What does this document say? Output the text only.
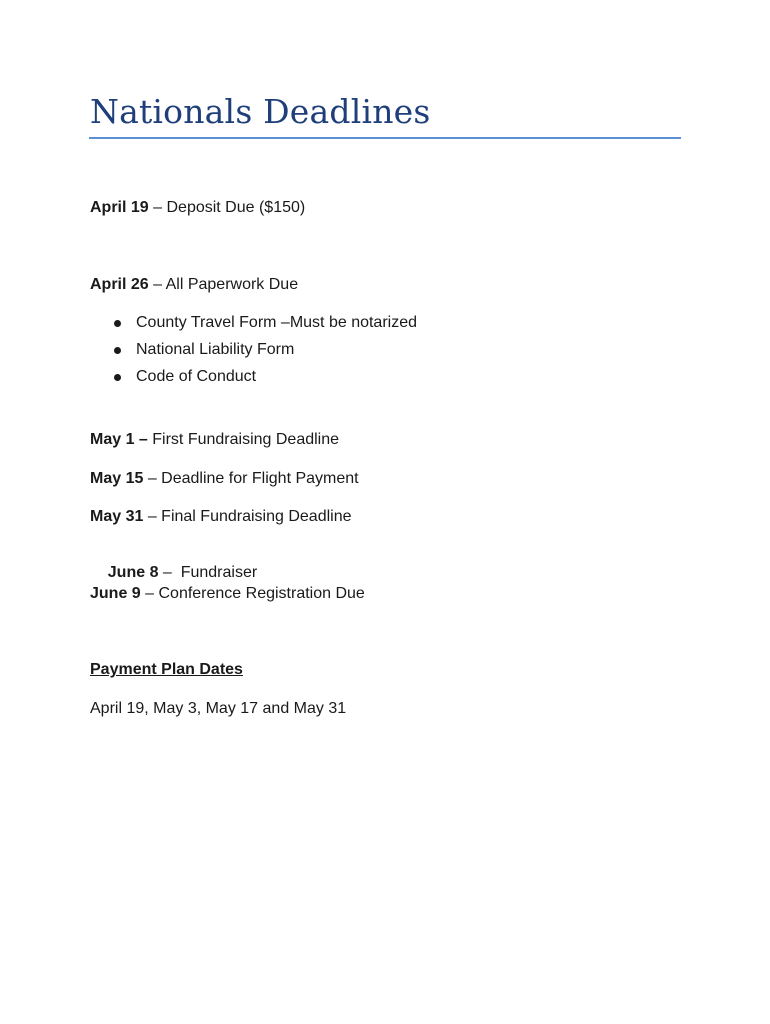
Nationals Deadlines
April 19 – Deposit Due ($150)
April 26 – All Paperwork Due
County Travel Form –Must be notarized
National Liability Form
Code of Conduct
May 1 – First Fundraising Deadline
May 15 – Deadline for Flight Payment
May 31 – Final Fundraising Deadline

June 8 –  Fundraiser

June 9 – Conference Registration Due
Payment Plan Dates
April 19, May 3, May 17 and May 31
